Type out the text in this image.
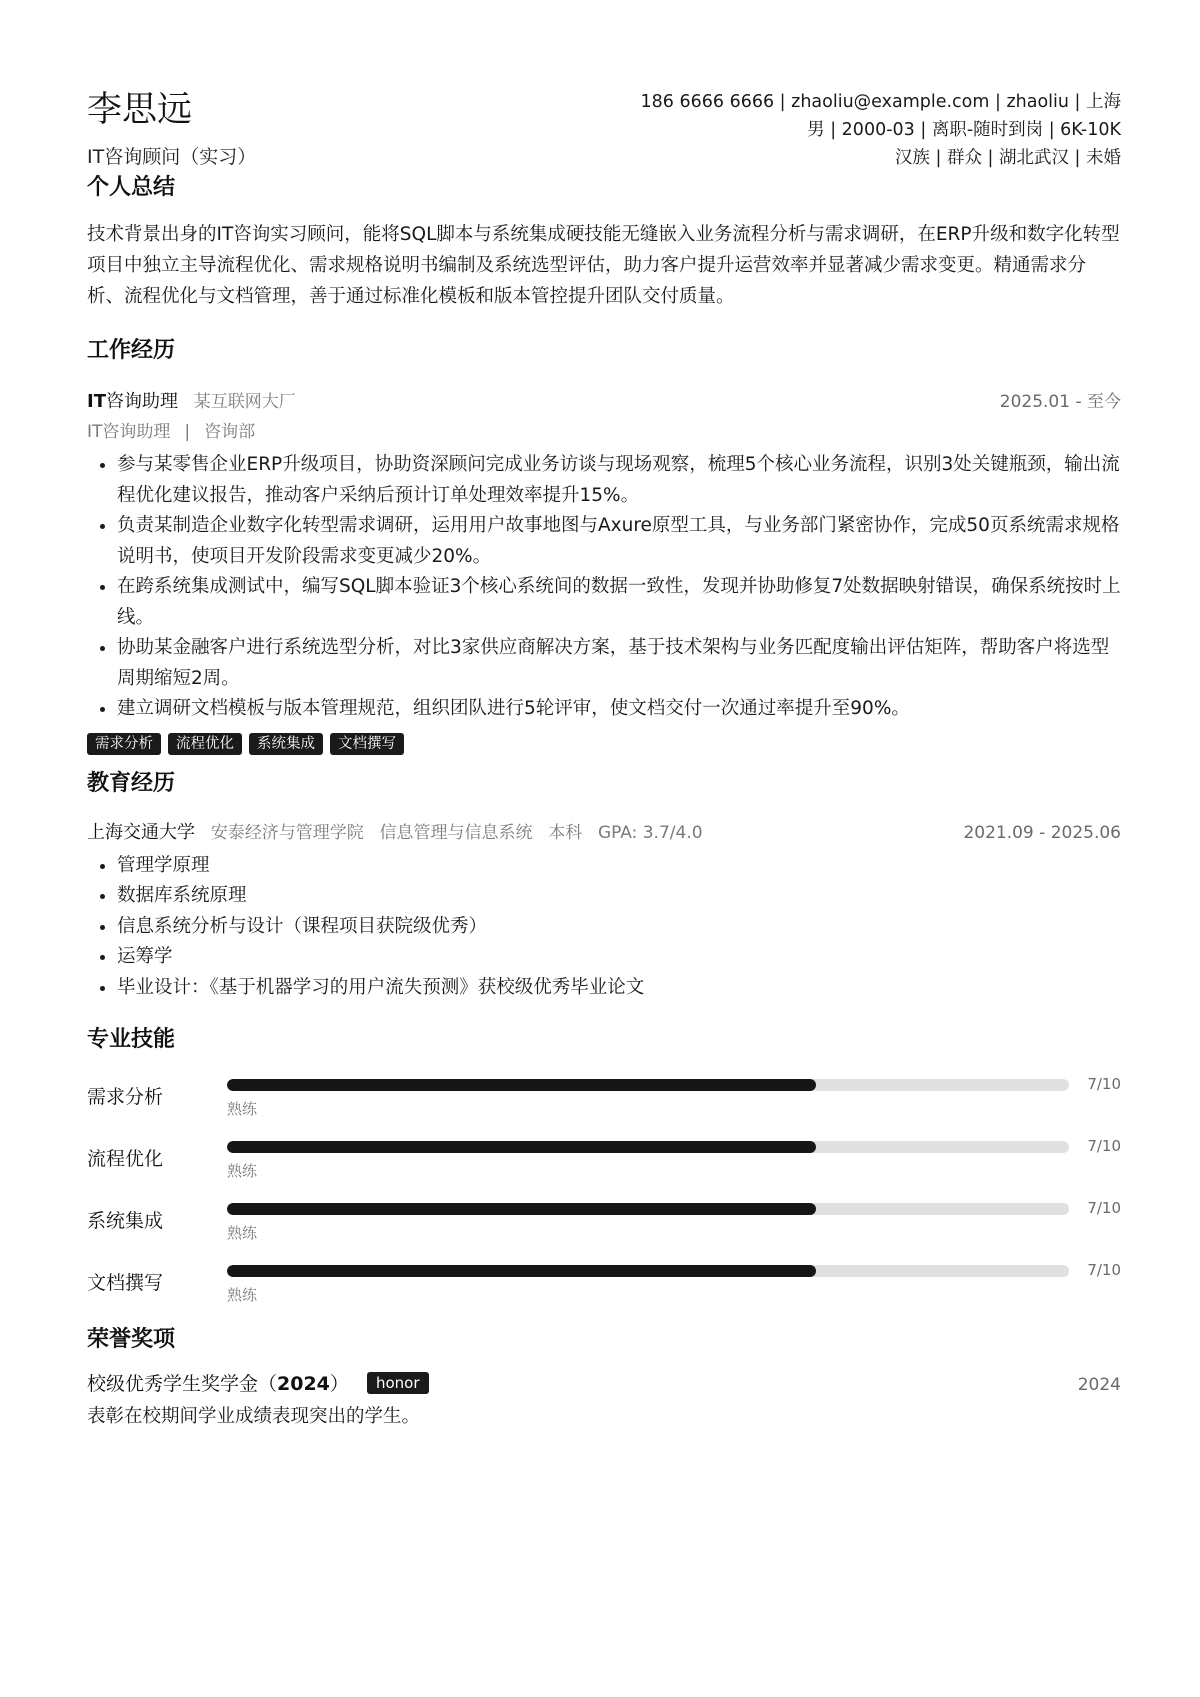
李思远
IT咨询顾问（实习）
186 6666 6666 | zhaoliu@example.com | zhaoliu | 上海
男 | 2000-03 | 离职-随时到岗 | 6K-10K
汉族 | 群众 | 湖北武汉 | 未婚
个人总结
技术背景出身的IT咨询实习顾问，能将SQL脚本与系统集成硬技能无缝嵌入业务流程分析与需求调研，在ERP升级和数字化转型项目中独立主导流程优化、需求规格说明书编制及系统选型评估，助力客户提升运营效率并显著减少需求变更。精通需求分析、流程优化与文档管理，善于通过标准化模板和版本管控提升团队交付质量。
工作经历
IT咨询助理 某互联网大厂	2025.01 - 至今
IT咨询助理 | 咨询部
• 参与某零售企业ERP升级项目，协助资深顾问完成业务访谈与现场观察，梳理5个核心业务流程，识别3处关键瓶颈，输出流程优化建议报告，推动客户采纳后预计订单处理效率提升15%。
• 负责某制造企业数字化转型需求调研，运用用户故事地图与Axure原型工具，与业务部门紧密协作，完成50页系统需求规格说明书，使项目开发阶段需求变更减少20%。
• 在跨系统集成测试中，编写SQL脚本验证3个核心系统间的数据一致性，发现并协助修复7处数据映射错误，确保系统按时上线。
• 协助某金融客户进行系统选型分析，对比3家供应商解决方案，基于技术架构与业务匹配度输出评估矩阵，帮助客户将选型周期缩短2周。
• 建立调研文档模板与版本管理规范，组织团队进行5轮评审，使文档交付一次通过率提升至90%。
需求分析	流程优化	系统集成	文档撰写
教育经历
上海交通大学 安泰经济与管理学院 信息管理与信息系统 本科 GPA: 3.7/4.0	2021.09 - 2025.06
• 管理学原理
• 数据库系统原理
• 信息系统分析与设计（课程项目获院级优秀）
• 运筹学
• 毕业设计：《基于机器学习的用户流失预测》获校级优秀毕业论文
专业技能
需求分析
熟练
7/10
流程优化
熟练
7/10
系统集成
熟练
7/10
文档撰写
熟练
7/10
荣誉奖项
校级优秀学生奖学金（2024） honor	2024
表彰在校期间学业成绩表现突出的学生。
